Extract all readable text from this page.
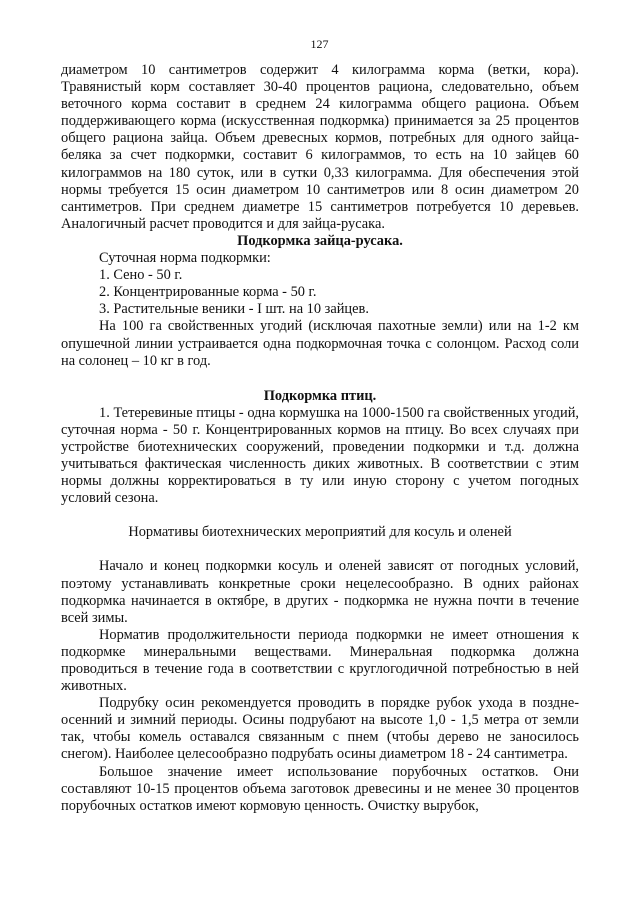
127

диаметром 10 сантиметров содержит 4 килограмма корма (ветки, кора). Травянистый корм составляет 30-40 процентов рациона, следовательно, объем веточного корма составит в среднем 24 килограмма общего рациона. Объем поддерживающего корма (искусственная подкормка) принимается за 25 процентов общего рациона зайца. Объем древесных кормов, потребных для одного зайца-беляка за счет подкормки, составит 6 килограммов, то есть на 10 зайцев 60 килограммов на 180 суток, или в сутки 0,33 килограмма. Для обеспечения этой нормы требуется 15 осин диаметром 10 сантиметров или 8 осин диаметром 20 сантиметров. При среднем диаметре 15 сантиметров потребуется 10 деревьев. Аналогичный расчет проводится и для зайца-русака.

Подкормка зайца-русака.

Суточная норма подкормки:

1. Сено - 50 г.

2. Концентрированные корма - 50 г.

3. Растительные веники - I шт. на 10 зайцев.

На 100 га свойственных угодий (исключая пахотные земли) или на 1-2 км опушечной линии устраивается одна подкормочная точка с солонцом. Расход соли на солонец – 10 кг в год.

Подкормка птиц.

1. Тетеревиные птицы - одна кормушка на 1000-1500 га свойственных угодий, суточная норма - 50 г. Концентрированных кормов на птицу. Во всех случаях при устройстве биотехнических сооружений, проведении подкормки и т.д. должна учитываться фактическая численность диких животных. В соответствии с этим нормы должны корректироваться в ту или иную сторону с учетом погодных условий сезона.

Нормативы биотехнических мероприятий для косуль и оленей

Начало и конец подкормки косуль и оленей зависят от погодных условий, поэтому устанавливать конкретные сроки нецелесообразно. В одних районах подкормка начинается в октябре, в других - подкормка не нужна почти в течение всей зимы.

Норматив продолжительности периода подкормки не имеет отношения к подкормке минеральными веществами. Минеральная подкормка должна проводиться в течение года в соответствии с круглогодичной потребностью в ней животных.

Подрубку осин рекомендуется проводить в порядке рубок ухода в поздне-осенний и зимний периоды. Осины подрубают на высоте 1,0 - 1,5 метра от земли так, чтобы комель оставался связанным с пнем (чтобы дерево не заносилось снегом). Наиболее целесообразно подрубать осины диаметром 18 - 24 сантиметра.

Большое значение имеет использование порубочных остатков. Они составляют 10-15 процентов объема заготовок древесины и не менее 30 процентов порубочных остатков имеют кормовую ценность. Очистку вырубок,
